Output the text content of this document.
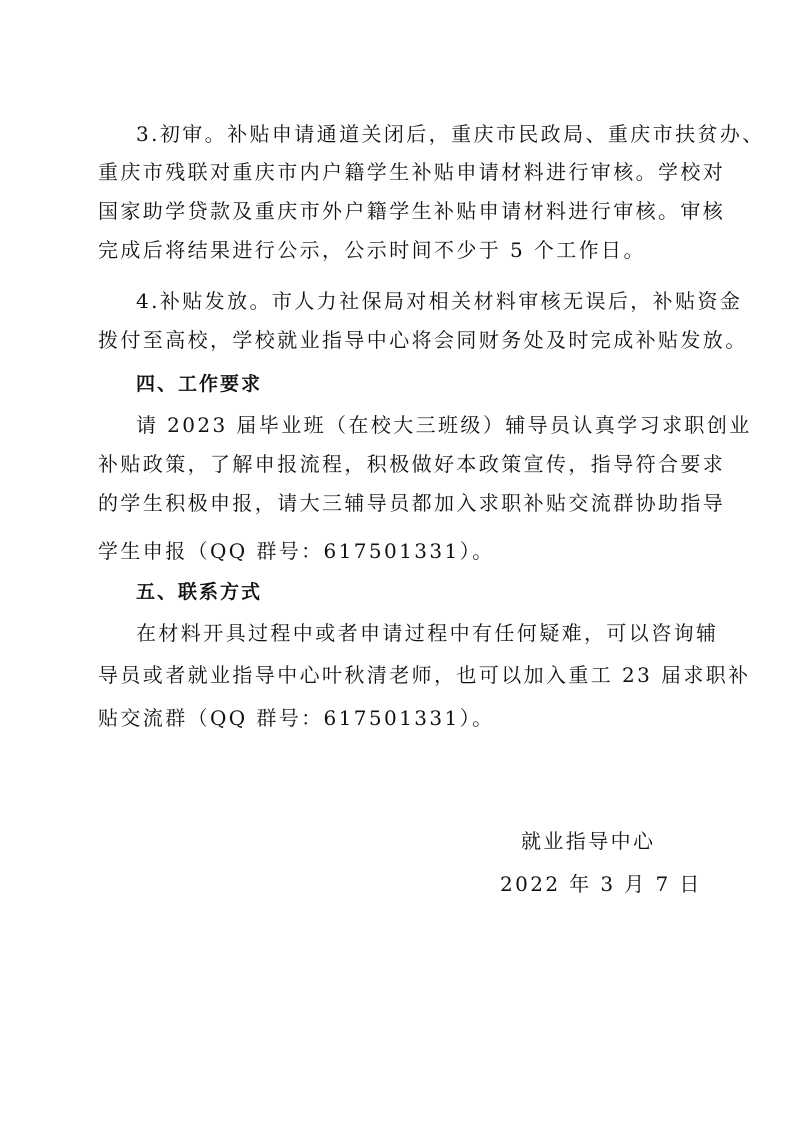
3.初审。补贴申请通道关闭后，重庆市民政局、重庆市扶贫办、
重庆市残联对重庆市内户籍学生补贴申请材料进行审核。学校对
国家助学贷款及重庆市外户籍学生补贴申请材料进行审核。审核
完成后将结果进行公示，公示时间不少于 5 个工作日。
4.补贴发放。市人力社保局对相关材料审核无误后，补贴资金
拨付至高校，学校就业指导中心将会同财务处及时完成补贴发放。
四、工作要求
请 2023 届毕业班（在校大三班级）辅导员认真学习求职创业
补贴政策，了解申报流程，积极做好本政策宣传，指导符合要求
的学生积极申报，请大三辅导员都加入求职补贴交流群协助指导
学生申报（QQ 群号：617501331）。
五、联系方式
在材料开具过程中或者申请过程中有任何疑难，可以咨询辅
导员或者就业指导中心叶秋清老师，也可以加入重工 23 届求职补
贴交流群（QQ 群号：617501331）。
就业指导中心
2022 年 3 月 7 日
